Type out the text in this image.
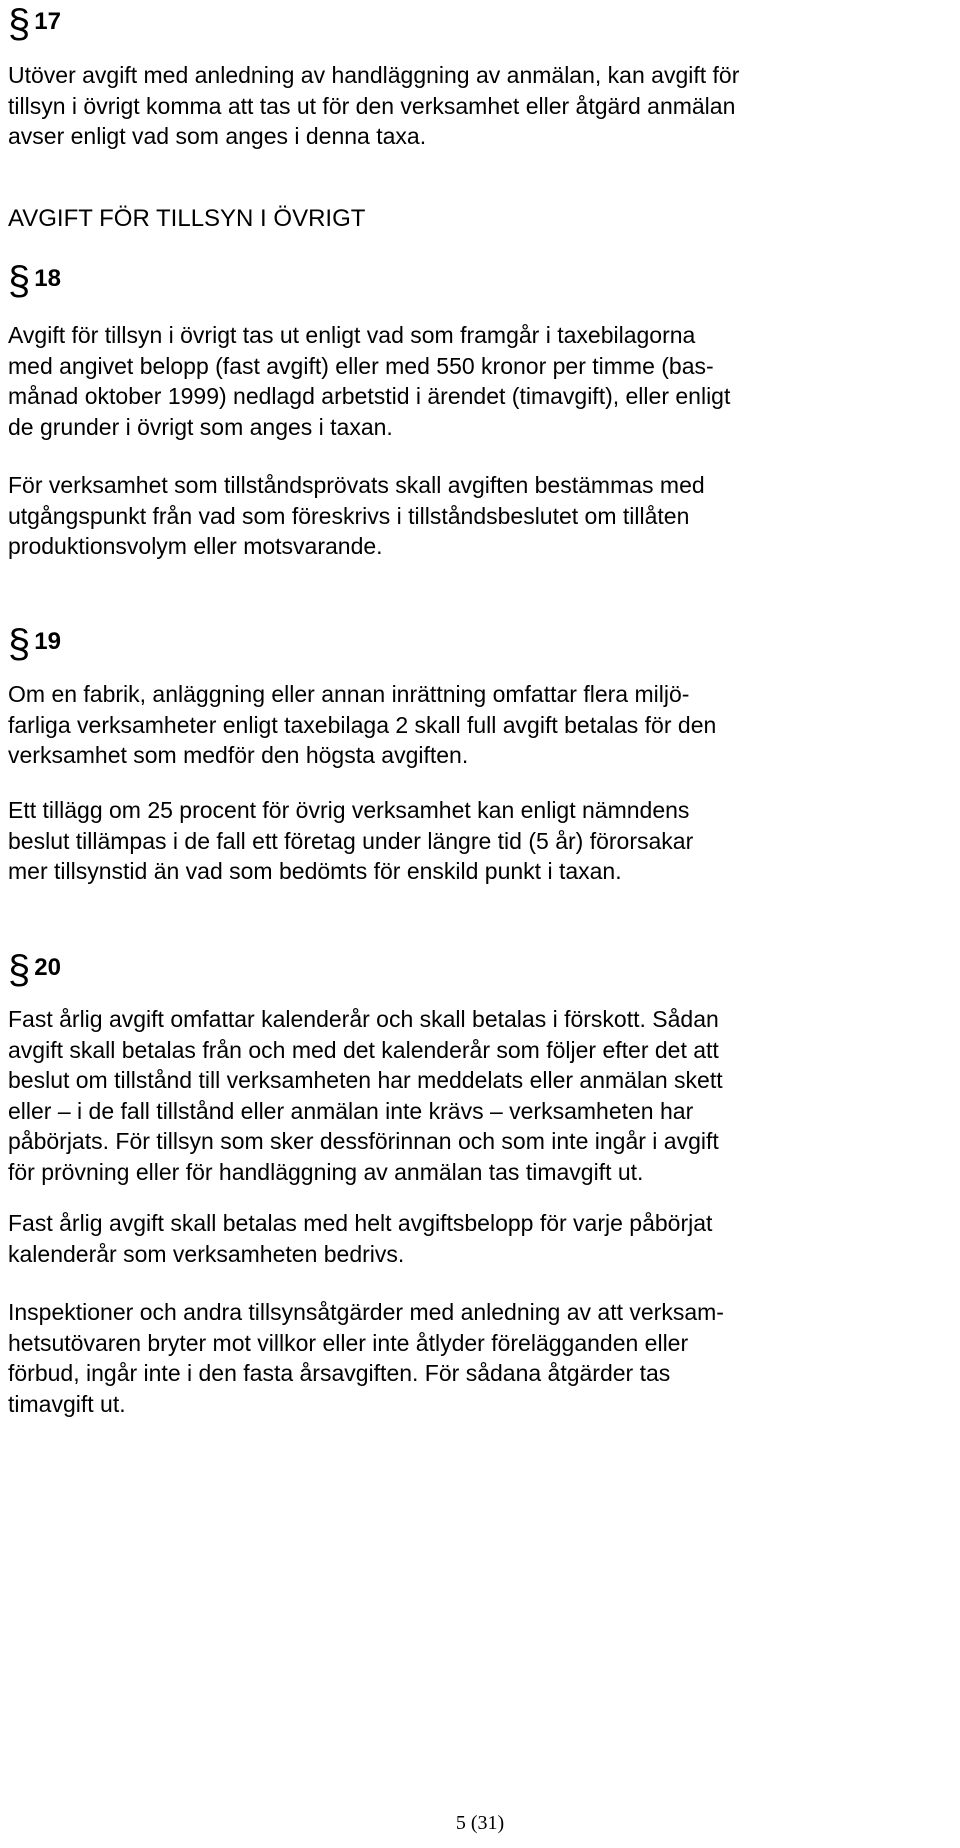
§ 17

Utöver avgift med anledning av handläggning av anmälan, kan avgift för

tillsyn i övrigt komma att tas ut för den verksamhet eller åtgärd anmälan

avser enligt vad som anges i denna taxa.

AVGIFT FÖR TILLSYN I ÖVRIGT

§ 18

Avgift för tillsyn i övrigt tas ut enligt vad som framgår i taxebilagorna

med angivet belopp (fast avgift) eller med 550 kronor per timme (bas-

månad oktober 1999) nedlagd arbetstid i ärendet (timavgift), eller enligt

de grunder i övrigt som anges i taxan.

För verksamhet som tillståndsprövats skall avgiften bestämmas med

utgångspunkt från vad som föreskrivs i tillståndsbeslutet om tillåten

produktionsvolym eller motsvarande.

§ 19

Om en fabrik, anläggning eller annan inrättning omfattar flera miljö-

farliga verksamheter enligt taxebilaga 2 skall full avgift betalas för den

verksamhet som medför den högsta avgiften.

Ett tillägg om 25 procent för övrig verksamhet kan enligt nämndens

beslut tillämpas i de fall ett företag under längre tid (5 år) förorsakar

mer tillsynstid än vad som bedömts för enskild punkt i taxan.

§ 20

Fast årlig avgift omfattar kalenderår och skall betalas i förskott. Sådan

avgift skall betalas från och med det kalenderår som följer efter det att

beslut om tillstånd till verksamheten har meddelats eller anmälan skett

eller – i de fall tillstånd eller anmälan inte krävs – verksamheten har

påbörjats. För tillsyn som sker dessförinnan och som inte ingår i avgift

för prövning eller för handläggning av anmälan tas timavgift ut.

Fast årlig avgift skall betalas med helt avgiftsbelopp för varje påbörjat

kalenderår som verksamheten bedrivs.

Inspektioner och andra tillsynsåtgärder med anledning av att verksam-

hetsutövaren bryter mot villkor eller inte åtlyder förelägganden eller

förbud, ingår inte i den fasta årsavgiften. För sådana åtgärder tas

timavgift ut.

5 (31)
